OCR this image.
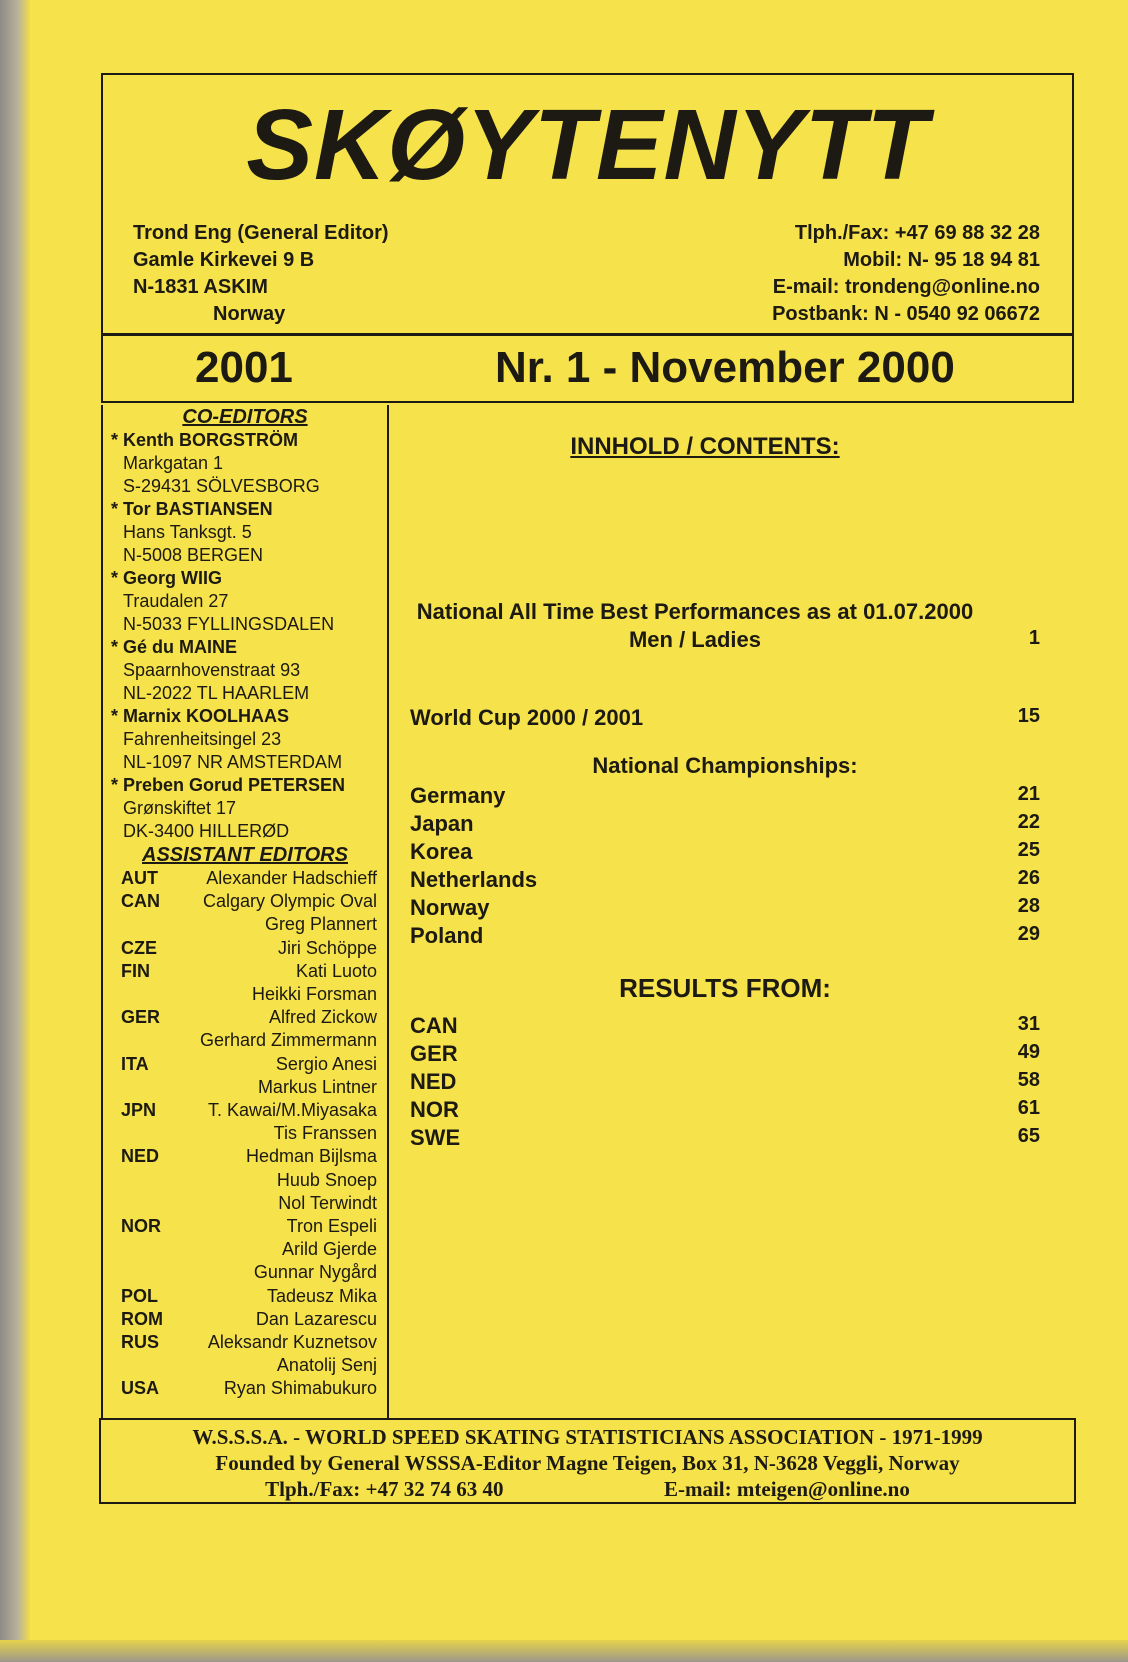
SKØYTENYTT
Trond Eng (General Editor)
Gamle Kirkevei 9 B
N-1831 ASKIM
Norway
Tlph./Fax: +47 69 88 32 28
Mobil: N- 95 18 94 81
E-mail: trondeng@online.no
Postbank: N - 0540 92 06672
2001	Nr. 1 - November 2000
CO-EDITORS
* Kenth BORGSTRÖM
Markgatan 1
S-29431 SÖLVESBORG
* Tor BASTIANSEN
Hans Tanksgt. 5
N-5008 BERGEN
* Georg WIIG
Traudalen 27
N-5033 FYLLINGSDALEN
* Gé du MAINE
Spaarnhovenstraat 93
NL-2022 TL HAARLEM
* Marnix KOOLHAAS
Fahrenheitsingel 23
NL-1097 NR AMSTERDAM
* Preben Gorud PETERSEN
Grønskiftet 17
DK-3400 HILLERØD
ASSISTANT EDITORS
AUT	Alexander Hadschieff
CAN	Calgary Olympic Oval
Greg Plannert
CZE	Jiri Schöppe
FIN	Kati Luoto
Heikki Forsman
GER	Alfred Zickow
Gerhard Zimmermann
ITA	Sergio Anesi
Markus Lintner
JPN	T. Kawai/M.Miyasaka
Tis Franssen
NED	Hedman Bijlsma
Huub Snoep
Nol Terwindt
NOR	Tron Espeli
Arild Gjerde
Gunnar Nygård
POL	Tadeusz Mika
ROM	Dan Lazarescu
RUS	Aleksandr Kuznetsov
Anatolij Senj
USA	Ryan Shimabukuro
INNHOLD / CONTENTS:
National All Time Best Performances as at 01.07.2000
Men / Ladies	1
World Cup 2000 / 2001	15
National Championships:
Germany	21
Japan	22
Korea	25
Netherlands	26
Norway	28
Poland	29
RESULTS FROM:
CAN	31
GER	49
NED	58
NOR	61
SWE	65
W.S.S.S.A. - WORLD SPEED SKATING STATISTICIANS ASSOCIATION - 1971-1999
Founded by General WSSSA-Editor Magne Teigen, Box 31, N-3628 Veggli, Norway
Tlph./Fax: +47 32 74 63 40	E-mail: mteigen@online.no
